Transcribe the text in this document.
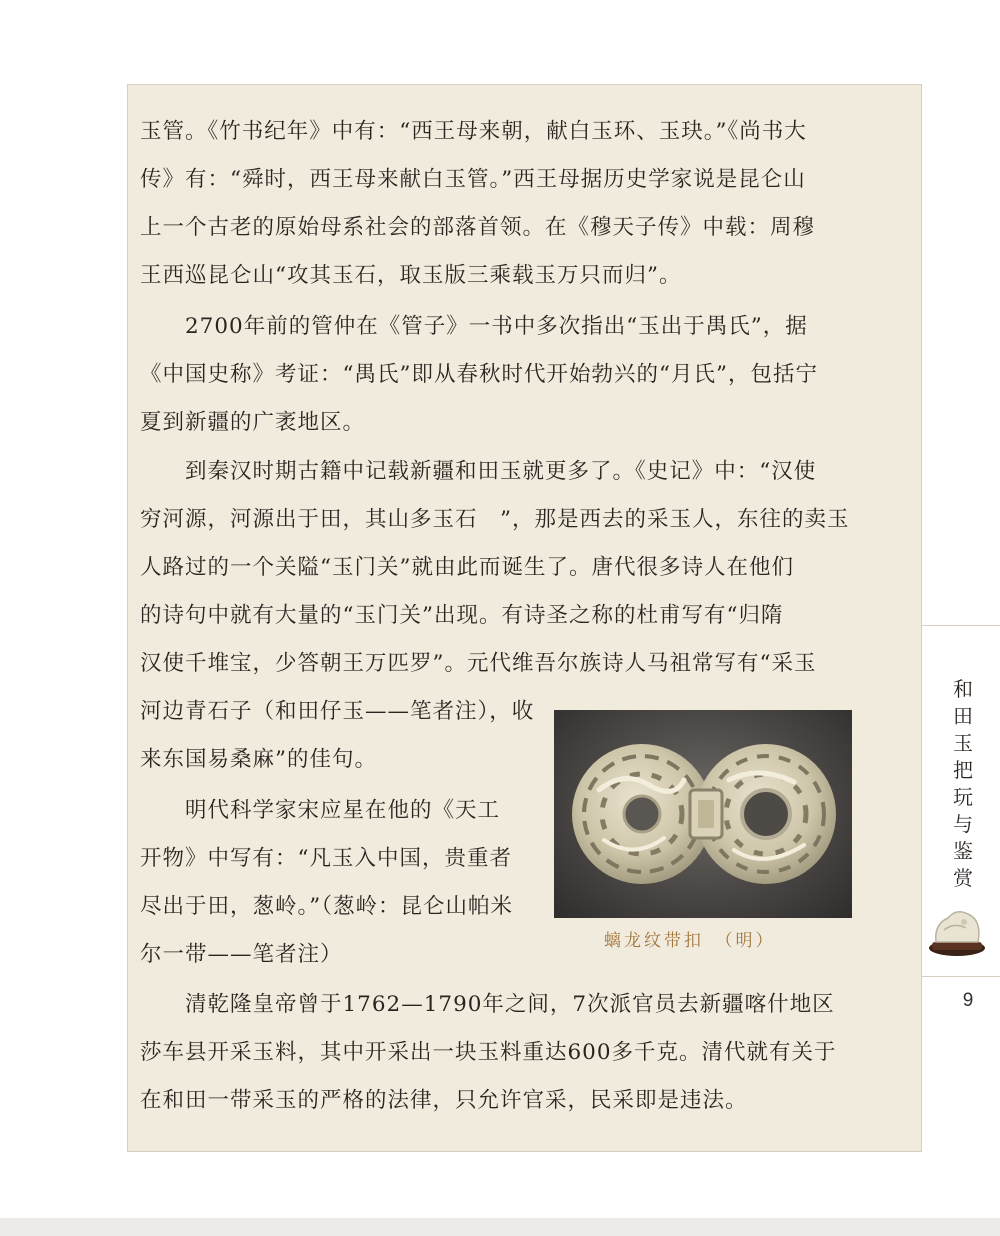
玉管。《竹书纪年》中有：“西王母来朝，献白玉环、玉玦。”《尚书大
传》有：“舜时，西王母来献白玉管。”西王母据历史学家说是昆仑山
上一个古老的原始母系社会的部落首领。在《穆天子传》中载：周穆
王西巡昆仑山“攻其玉石，取玉版三乘载玉万只而归”。
　　2700年前的管仲在《管子》一书中多次指出“玉出于禺氏”，据
《中国史称》考证：“禺氏”即从春秋时代开始勃兴的“月氏”，包括宁
夏到新疆的广袤地区。
　　到秦汉时期古籍中记载新疆和田玉就更多了。《史记》中：“汉使
穷河源，河源出于田，其山多玉石　”，那是西去的采玉人，东往的卖玉
人路过的一个关隘“玉门关”就由此而诞生了。唐代很多诗人在他们
的诗句中就有大量的“玉门关”出现。有诗圣之称的杜甫写有“归隋
汉使千堆宝，少答朝王万匹罗”。元代维吾尔族诗人马祖常写有“采玉
河边青石子（和田仔玉——笔者注），收
来东国易桑麻”的佳句。
　　明代科学家宋应星在他的《天工
开物》中写有：“凡玉入中国，贵重者
尽出于田，葱岭。”（葱岭：昆仑山帕米
尔一带——笔者注）
　　清乾隆皇帝曾于1762—1790年之间，7次派官员去新疆喀什地区
莎车县开采玉料，其中开采出一块玉料重达600多千克。清代就有关于
在和田一带采玉的严格的法律，只允许官采，民采即是违法。
螭龙纹带扣　（明）
和田玉把玩与鉴赏
9
